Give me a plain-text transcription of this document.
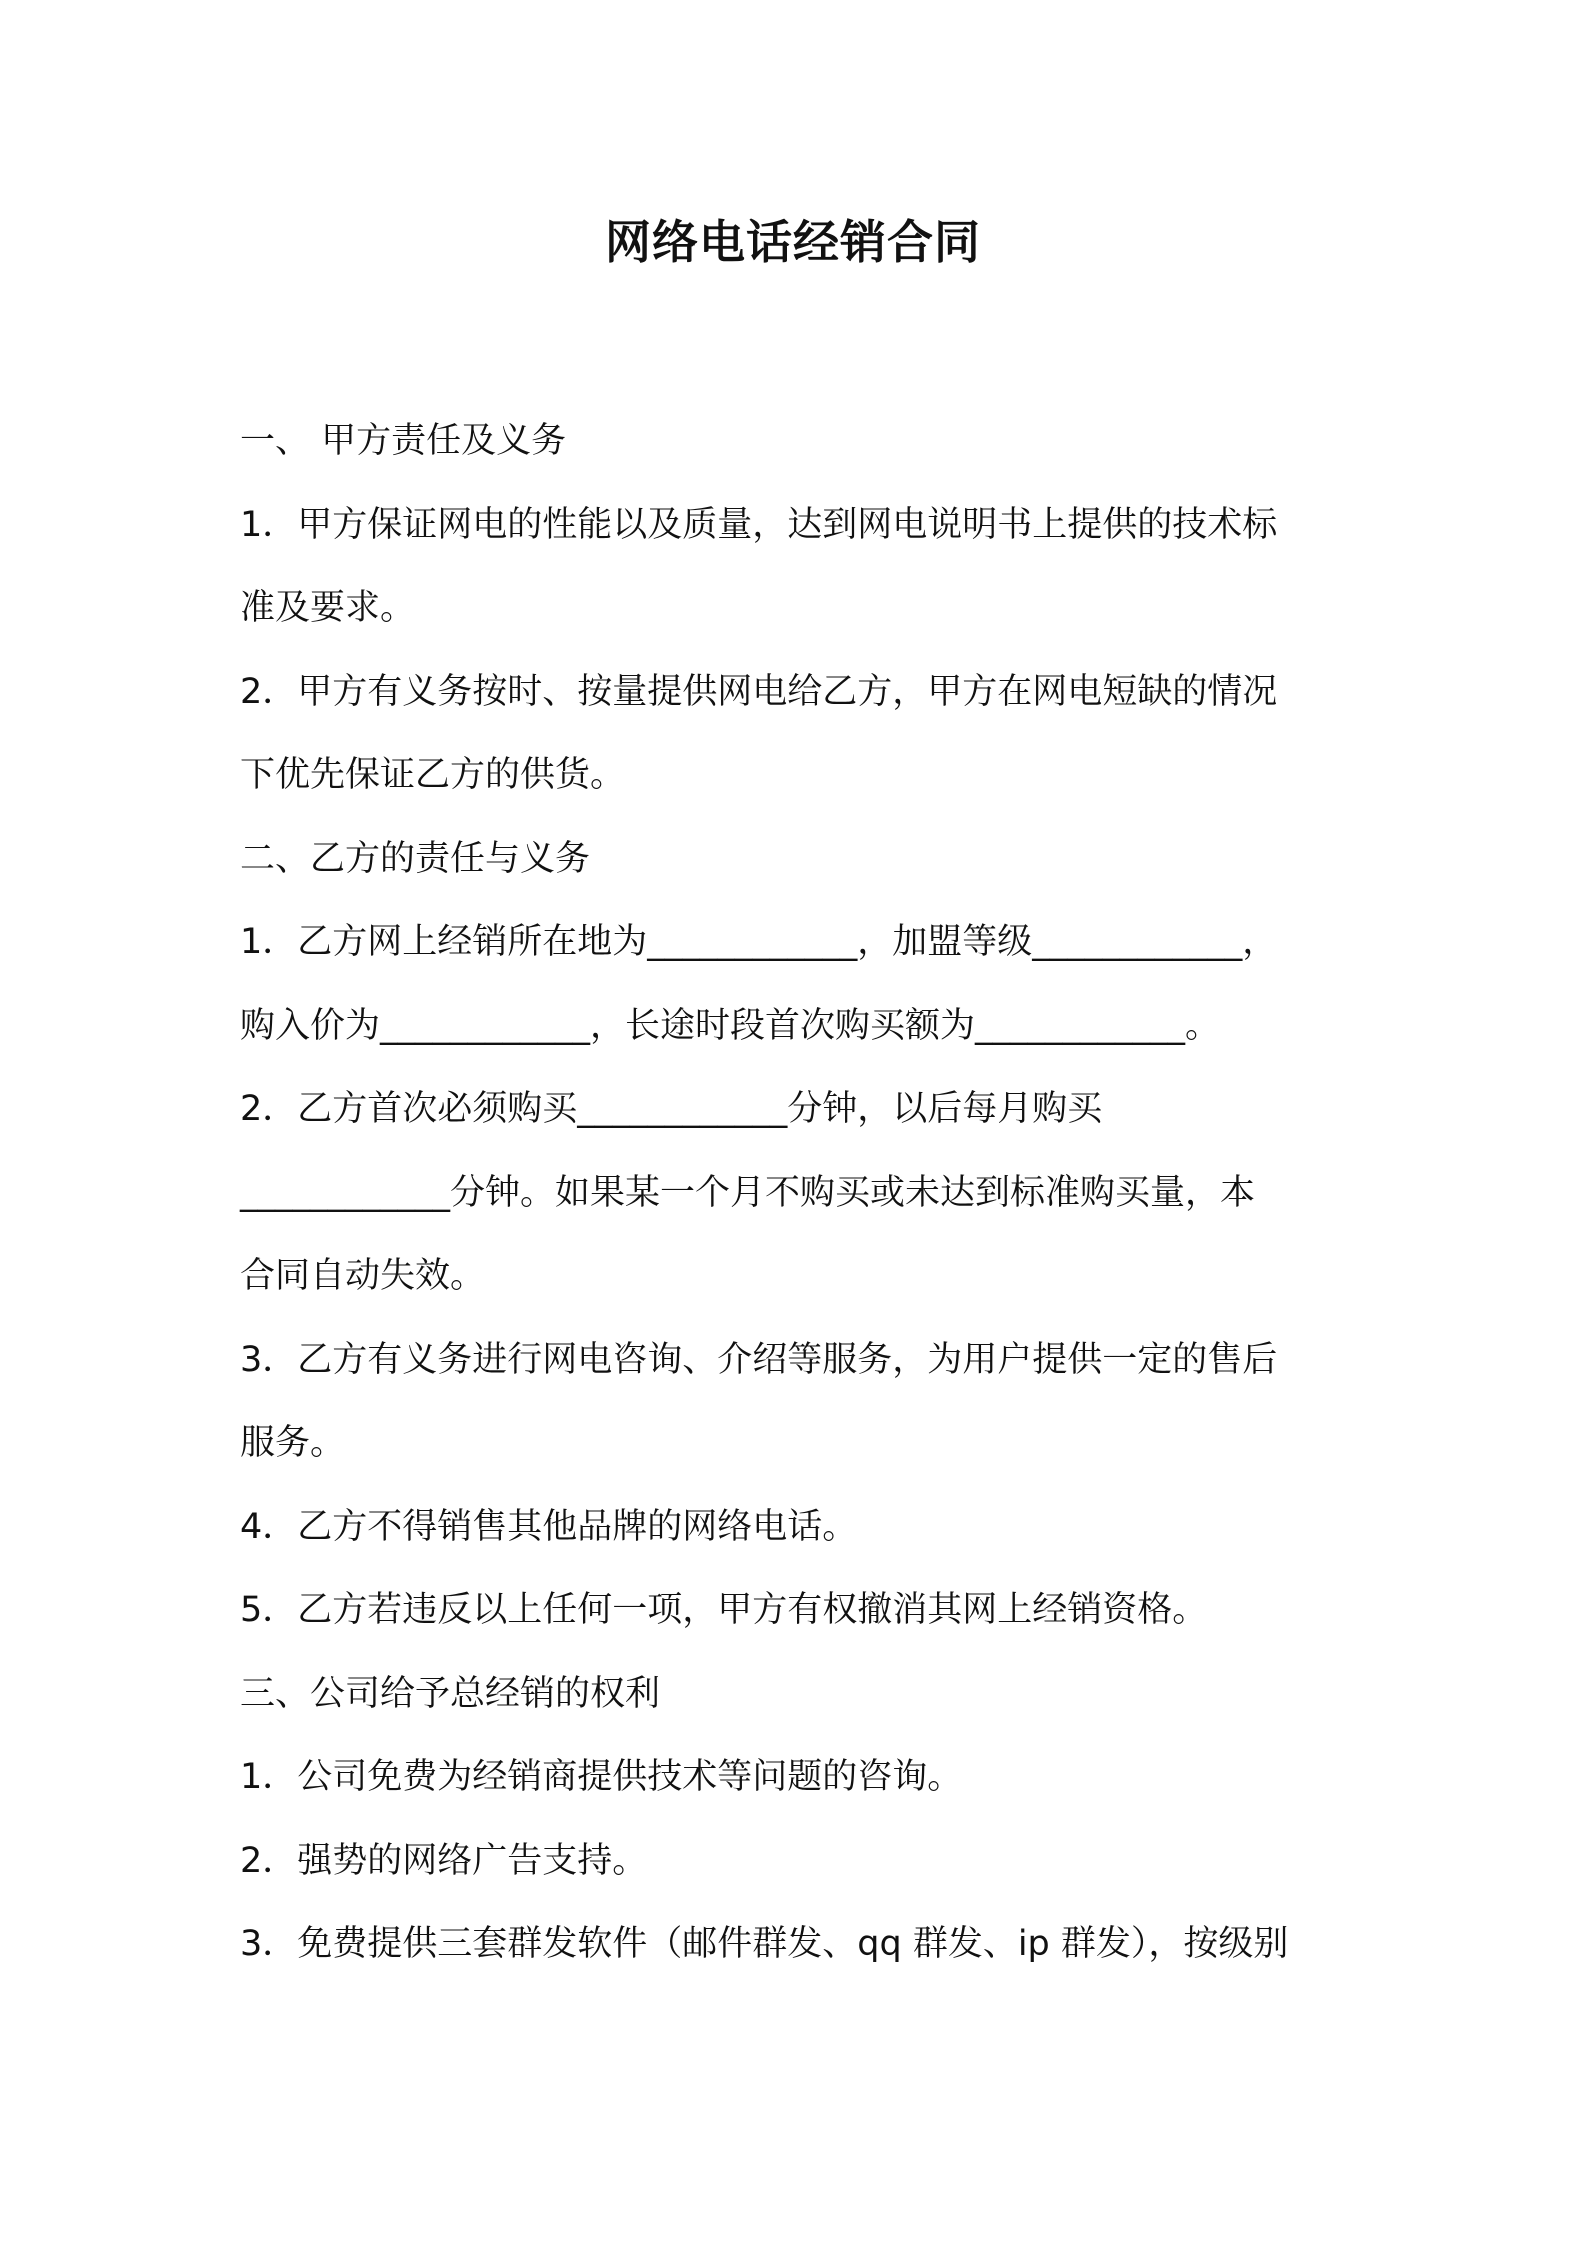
网络电话经销合同
一、 甲方责任及义务
1．甲方保证网电的性能以及质量，达到网电说明书上提供的技术标
准及要求。
2．甲方有义务按时、按量提供网电给乙方，甲方在网电短缺的情况
下优先保证乙方的供货。
二、乙方的责任与义务
1．乙方网上经销所在地为____________，加盟等级____________，
购入价为____________，长途时段首次购买额为____________。
2．乙方首次必须购买____________分钟，以后每月购买
____________分钟。如果某一个月不购买或未达到标准购买量，本
合同自动失效。
3．乙方有义务进行网电咨询、介绍等服务，为用户提供一定的售后
服务。
4．乙方不得销售其他品牌的网络电话。
5．乙方若违反以上任何一项，甲方有权撤消其网上经销资格。
三、公司给予总经销的权利
1．公司免费为经销商提供技术等问题的咨询。
2．强势的网络广告支持。
3．免费提供三套群发软件（邮件群发、qq 群发、ip 群发），按级别
